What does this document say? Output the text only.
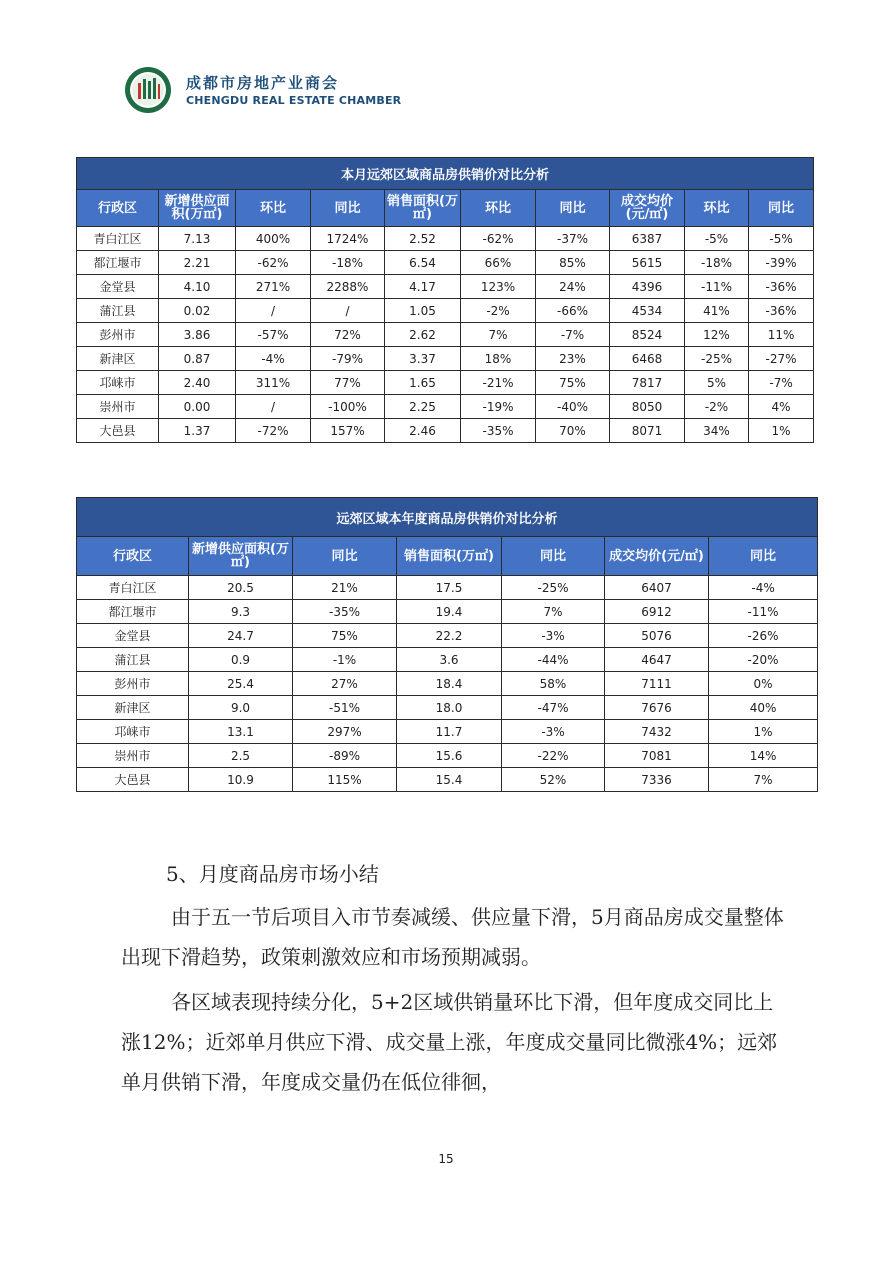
成都市房地产业商会
CHENGDU REAL ESTATE CHAMBER
本月远郊区域商品房供销价对比分析									
行政区	新增供应面积(万㎡)	环比	同比	销售面积(万㎡)	环比	同比	成交均价(元/㎡)	环比	同比
青白江区	7.13	400%	1724%	2.52	-62%	-37%	6387	-5%	-5%
都江堰市	2.21	-62%	-18%	6.54	66%	85%	5615	-18%	-39%
金堂县	4.10	271%	2288%	4.17	123%	24%	4396	-11%	-36%
蒲江县	0.02	/	/	1.05	-2%	-66%	4534	41%	-36%
彭州市	3.86	-57%	72%	2.62	7%	-7%	8524	12%	11%
新津区	0.87	-4%	-79%	3.37	18%	23%	6468	-25%	-27%
邛崃市	2.40	311%	77%	1.65	-21%	75%	7817	5%	-7%
崇州市	0.00	/	-100%	2.25	-19%	-40%	8050	-2%	4%
大邑县	1.37	-72%	157%	2.46	-35%	70%	8071	34%	1%
远郊区域本年度商品房供销价对比分析						
行政区	新增供应面积(万㎡)	同比	销售面积(万㎡)	同比	成交均价(元/㎡)	同比
青白江区	20.5	21%	17.5	-25%	6407	-4%
都江堰市	9.3	-35%	19.4	7%	6912	-11%
金堂县	24.7	75%	22.2	-3%	5076	-26%
蒲江县	0.9	-1%	3.6	-44%	4647	-20%
彭州市	25.4	27%	18.4	58%	7111	0%
新津区	9.0	-51%	18.0	-47%	7676	40%
邛崃市	13.1	297%	11.7	-3%	7432	1%
崇州市	2.5	-89%	15.6	-22%	7081	14%
大邑县	10.9	115%	15.4	52%	7336	7%
5、月度商品房市场小结
由于五一节后项目入市节奏减缓、供应量下滑，5月商品房成交量整体出现下滑趋势，政策刺激效应和市场预期减弱。
各区域表现持续分化，5+2区域供销量环比下滑，但年度成交同比上涨12%；近郊单月供应下滑、成交量上涨，年度成交量同比微涨4%；远郊单月供销下滑，年度成交量仍在低位徘徊，
15
